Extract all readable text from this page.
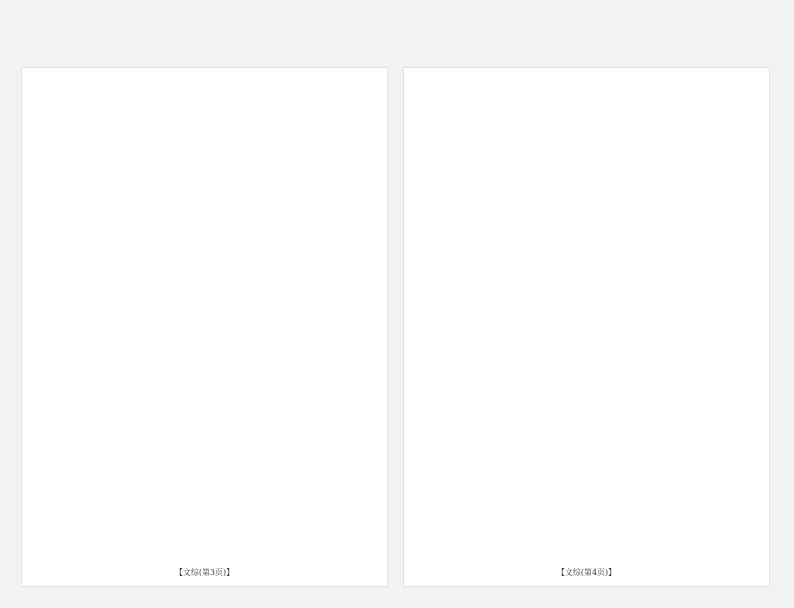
【文综(第3页)】	【文综(第4页)】
